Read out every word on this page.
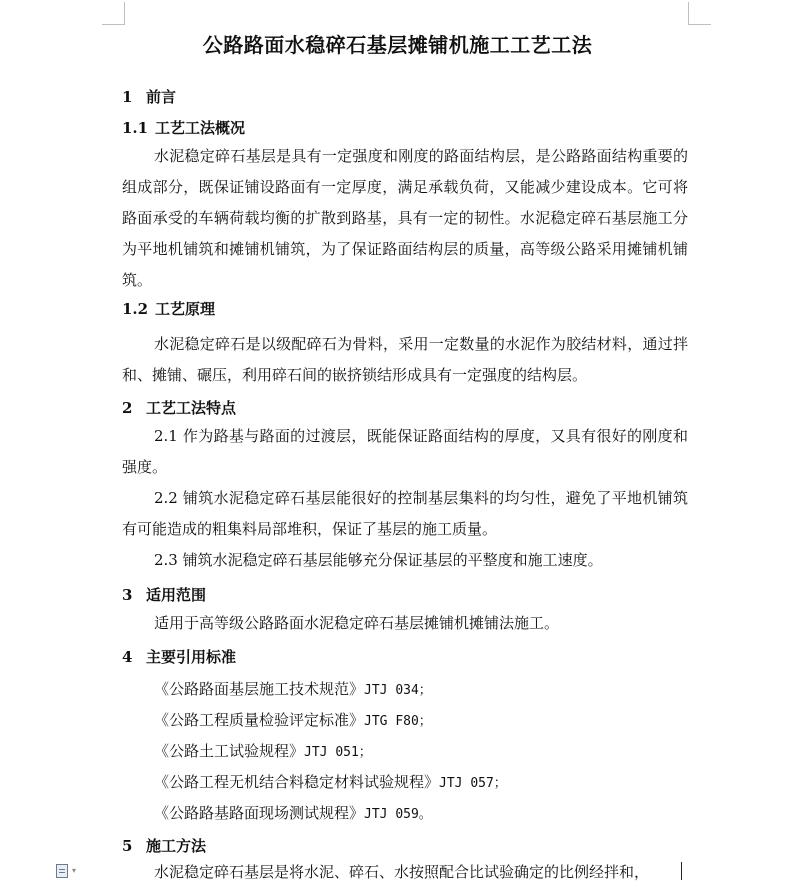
公路路面水稳碎石基层摊铺机施工工艺工法
1 前言
1.1 工艺工法概况

水泥稳定碎石基层是具有一定强度和刚度的路面结构层，是公路路面结构重要的组成部分，既保证铺设路面有一定厚度，满足承载负荷，又能减少建设成本。它可将路面承受的车辆荷载均衡的扩散到路基，具有一定的韧性。水泥稳定碎石基层施工分为平地机铺筑和摊铺机铺筑，为了保证路面结构层的质量，高等级公路采用摊铺机铺筑。

1.2 工艺原理

水泥稳定碎石是以级配碎石为骨料，采用一定数量的水泥作为胶结材料，通过拌和、摊铺、碾压，利用碎石间的嵌挤锁结形成具有一定强度的结构层。

2 工艺工法特点

2.1 作为路基与路面的过渡层，既能保证路面结构的厚度，又具有很好的刚度和强度。

2.2 铺筑水泥稳定碎石基层能很好的控制基层集料的均匀性，避免了平地机铺筑有可能造成的粗集料局部堆积，保证了基层的施工质量。

2.3 铺筑水泥稳定碎石基层能够充分保证基层的平整度和施工速度。

3 适用范围

适用于高等级公路路面水泥稳定碎石基层摊铺机摊铺法施工。

4 主要引用标准
《公路路面基层施工技术规范》JTJ 034；
《公路工程质量检验评定标准》JTG F80；
《公路土工试验规程》JTJ 051；
《公路工程无机结合料稳定材料试验规程》JTJ 057；
《公路路基路面现场测试规程》JTJ 059。
5 施工方法

水泥稳定碎石基层是将水泥、碎石、水按照配合比试验确定的比例经拌和，

▾
